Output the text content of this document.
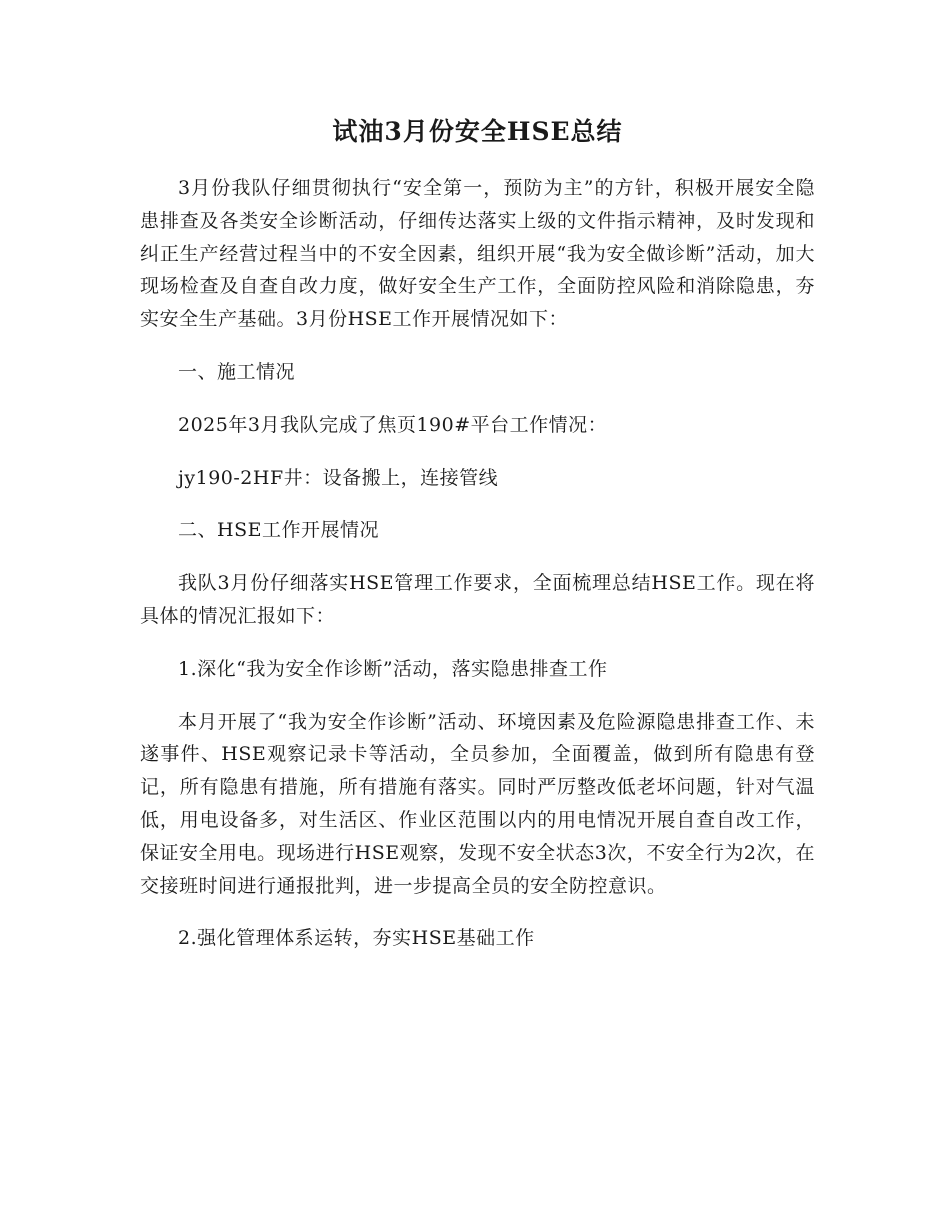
试油3月份安全HSE总结

3月份我队仔细贯彻执行“安全第一，预防为主”的方针，积极开展安全隐患排查及各类安全诊断活动，仔细传达落实上级的文件指示精神，及时发现和纠正生产经营过程当中的不安全因素，组织开展“我为安全做诊断”活动，加大现场检查及自查自改力度，做好安全生产工作，全面防控风险和消除隐患，夯实安全生产基础。3月份HSE工作开展情况如下：

一、施工情况

2025年3月我队完成了焦页190#平台工作情况：

jy190-2HF井：设备搬上，连接管线

二、HSE工作开展情况

我队3月份仔细落实HSE管理工作要求，全面梳理总结HSE工作。现在将具体的情况汇报如下：

1.深化“我为安全作诊断”活动，落实隐患排查工作

本月开展了“我为安全作诊断”活动、环境因素及危险源隐患排查工作、未遂事件、HSE观察记录卡等活动，全员参加，全面覆盖，做到所有隐患有登记，所有隐患有措施，所有措施有落实。同时严厉整改低老坏问题，针对气温低，用电设备多，对生活区、作业区范围以内的用电情况开展自查自改工作，保证安全用电。现场进行HSE观察，发现不安全状态3次，不安全行为2次，在交接班时间进行通报批判，进一步提高全员的安全防控意识。

2.强化管理体系运转，夯实HSE基础工作
